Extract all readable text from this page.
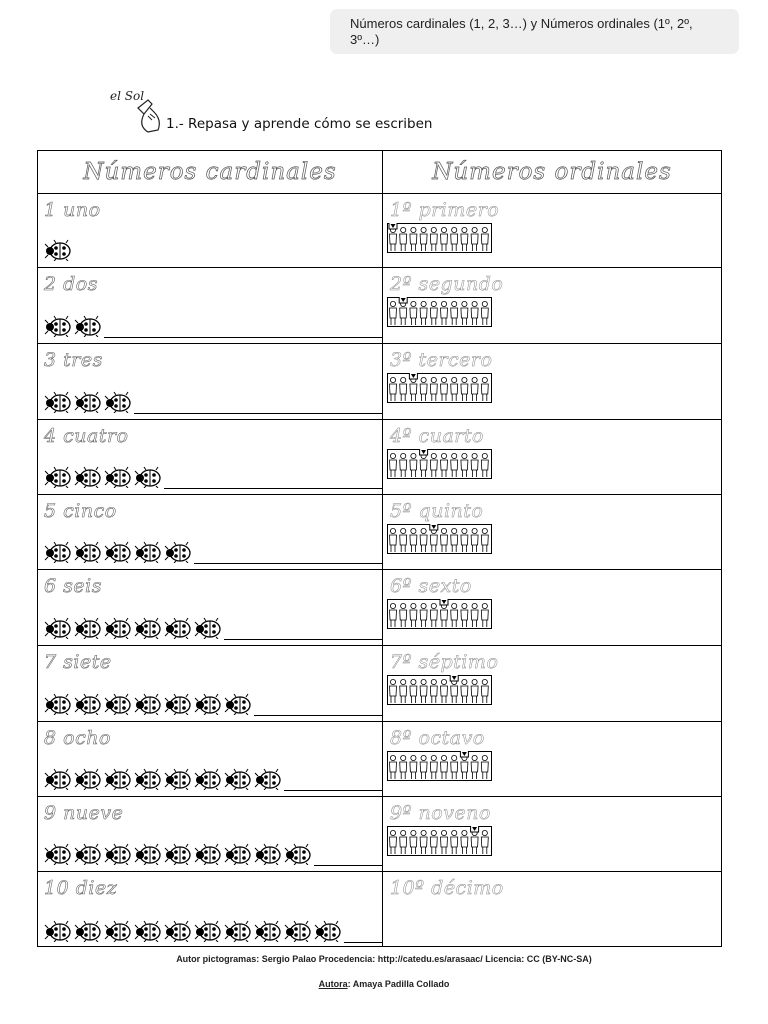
Números cardinales (1, 2, 3…) y Números ordinales (1º, 2º, 3º…)
el Sol
1.- Repasa y aprende cómo se escriben
Números cardinales	Números ordinales
1 uno	1º primero
2 dos	2º segundo
3 tres	3º tercero
4 cuatro	4º cuarto
5 cinco	5º quinto
6 seis	6º sexto
7 siete	7º séptimo
8 ocho	8º octavo
9 nueve	9º noveno
10 diez	10º décimo
Autor pictogramas: Sergio Palao Procedencia: http://catedu.es/arasaac/ Licencia: CC (BY-NC-SA)
Autora: Amaya Padilla Collado
